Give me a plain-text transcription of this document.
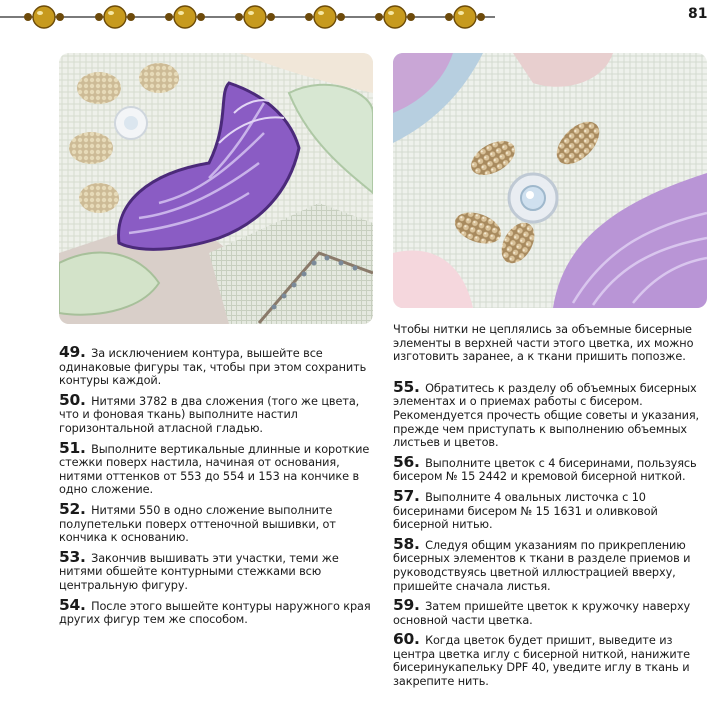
81

49. За исключением контура, вышейте все одинаковые фигуры так, чтобы при этом сохранить контуры каждой.

50. Нитями 3782 в два сложения (того же цвета, что и фоновая ткань) выполните настил горизонтальной атласной гладью.

51. Выполните вертикальные длинные и короткие стежки поверх настила, начиная от основания, нитями оттенков от 553 до 554 и 153 на кончике в одно сложение.

52. Нитями 550 в одно сложение выполните полупетельки поверх оттеночной вышивки, от кончика к основанию.

53. Закончив вышивать эти участки, теми же нитями обшейте контурными стежками всю центральную фигуру.

54. После этого вышейте контуры наружного края других фигур тем же способом.

Чтобы нитки не цеплялись за объемные бисерные элементы в верхней части этого цветка, их можно изготовить заранее, а к ткани пришить попозже.

55. Обратитесь к разделу об объемных бисерных элементах и о приемах работы с бисером. Рекомендуется прочесть общие советы и указания, прежде чем приступать к выполнению объемных листьев и цветов.

56. Выполните цветок с 4 бисеринами, пользуясь бисером № 15 2442 и кремовой бисерной ниткой.

57. Выполните 4 овальных листочка с 10 бисеринами бисером № 15 1631 и оливковой бисерной нитью.

58. Следуя общим указаниям по прикреплению бисерных элементов к ткани в разделе приемов и руководствуясь цветной иллюстрацией вверху, пришейте сначала листья.

59. Затем пришейте цветок к кружочку наверху основной части цветка.

60. Когда цветок будет пришит, выведите из центра цветка иглу с бисерной ниткой, нанижите бисеринукапельку DPF 40, уведите иглу в ткань и закрепите нить.
